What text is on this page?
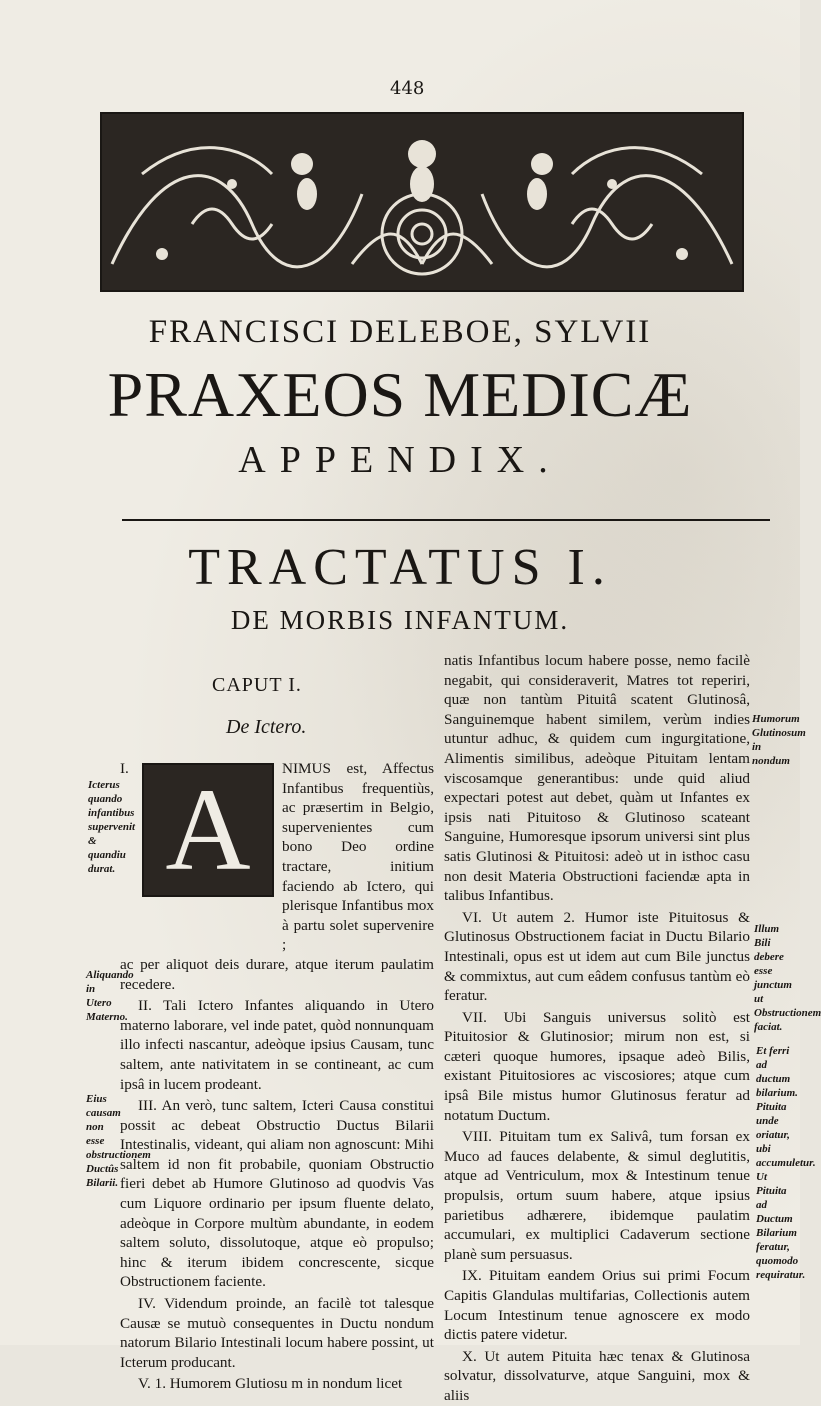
448
FRANCISCI DELEBOE, SYLVII
PRAXEOS MEDICÆ
APPENDIX.
TRACTATUS I.
DE MORBIS INFANTUM.
CAPUT I.
De Ictero.
I. A	NIMUS est, Affectus Infantibus frequentiùs, ac præsertim in Belgio, supervenientes cum bono Deo ordine tractare, initium faciendo ab Ictero, qui plerisque Infantibus mox à partu solet supervenire ;

ac per aliquot deis durare, atque iterum paulatim recedere.

II. Tali Ictero Infantes aliquando in Utero materno laborare, vel inde patet, quòd nonnunquam illo infecti nascantur, adeòque ipsius Causam, tunc saltem, ante nativitatem in se contineant, ac cum ipsâ in lucem prodeant.

III. An verò, tunc saltem, Icteri Causa constitui possit ac debeat Obstructio Ductus Bilarii Intestinalis, videant, qui aliam non agnoscunt: Mihi saltem id non fit probabile, quoniam Obstructio fieri debet ab Humore Glutinoso ad quodvis Vas cum Liquore ordinario per ipsum fluente delato, adeòque in Corpore multùm abundante, in eodem saltem soluto, dissolutoque, atque eò propulso; hinc & iterum ibidem concrescente, sicque Obstructionem faciente.

IV. Videndum proinde, an facilè tot talesque Causæ se mutuò consequentes in Ductu nondum natorum Bilario Intestinali locum habere possint, ut Icterum producant.

V. 1. Humorem Glutiosu m in nondum licet

natis Infantibus locum habere posse, nemo facilè negabit, qui consideraverit, Matres tot reperiri, quæ non tantùm Pituitâ scatent Glutinosâ, Sanguinemque habent similem, verùm indies utuntur adhuc, & quidem cum ingurgitatione, Alimentis similibus, adeòque Pituitam lentam viscosamque generantibus: unde quid aliud expectari potest aut debet, quàm ut Infantes ex ipsis nati Pituitoso & Glutinoso scateant Sanguine, Humoresque ipsorum universi sint plus satis Glutinosi & Pituitosi: adeò ut in isthoc casu non desit Materia Obstructioni faciendæ apta in talibus Infantibus.

VI. Ut autem 2. Humor iste Pituitosus & Glutinosus Obstructionem faciat in Ductu Bilario Intestinali, opus est ut idem aut cum Bile junctus & commixtus, aut cum eâdem confusus tantùm eò feratur.

VII. Ubi Sanguis universus solitò est Pituitosior & Glutinosior; mirum non est, si cæteri quoque humores, ipsaque adeò Bilis, existant Pituitosiores ac viscosiores; atque cum ipsâ Bile mistus humor Glutinosus feratur ad notatum Ductum.

VIII. Pituitam tum ex Salivâ, tum forsan ex Muco ad fauces delabente, & simul deglutitis, atque ad Ventriculum, mox & Intestinum tenue propulsis, ortum suum habere, atque ipsius parietibus adhærere, ibidemque paulatim accumulari, ex multiplici Cadaverum sectione planè sum persuasus.

IX. Pituitam eandem Orius sui primi Focum Capitis Glandulas multifarias, Collectionis autem Locum Intestinum tenue agnoscere ex modo dictis patere videtur.

X. Ut autem Pituita hæc tenax & Glutinosa solvatur, dissolvaturve, atque Sanguini, mox & aliis

Icterus quando infantibus supervenit & quandiu durat.
Aliquando in Utero Materno.
Eius causam non esse obstructionem Ductûs Bilarii.
Humorum Glutinosum in nondum
Illum Bili debere esse junctum ut Obstructionem faciat.
Et ferri ad ductum bilarium. Pituita unde oriatur, ubi accumuletur.
Ut Pituita ad Ductum Bilarium feratur, quomodo requiratur.
